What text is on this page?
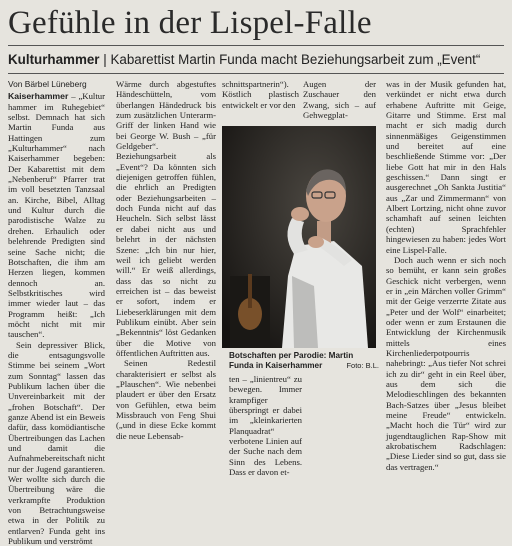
Gefühle in der Lispel-Falle
Kulturhammer | Kabarettist Martin Funda macht Beziehungsarbeit zum „Event“
Von Bärbel Lüneberg

Kaiserhammer – „Kultur hammer im Ruhegebiet“ selbst. Demnach hat sich Martin Funda aus Hattingen zum „Kulturhammer“ nach Kaiserhammer begeben: Der Kabarettist mit dem „Nebenberuf“ Pfarrer trat im voll besetzten Tanzsaal an. Kirche, Bibel, Alltag und Kultur durch die parodistische Walze zu drehen. Erhaulich oder belehrende Predigten sind seine Sache nicht; die Botschaften, die ihm am Herzen liegen, kommen dennoch an. Selbstkritisches wird immer wieder laut – das Programm heißt: „Ich möcht nicht mit mir tauschen“.

Sein depressiver Blick, die entsagungsvolle Stimme bei seinem „Wort zum Sonntag“ lassen das Publikum lachen über die Unvereinbarkeit mit der „frohen Botschaft“. Der ganze Abend ist ein Beweis dafür, dass komödiantische Übertreibungen das Lachen und damit die Aufnahmebereitschaft nicht nur der Jugend garantieren. Wer wollte sich durch die Übertreibung wäre die verkrampfte Produktion von Betrachtungsweise etwa in der Politik zu entlarven? Funda geht ins Publikum und verströmt

Wärme durch abgestuftes Händeschütteln, vom überlangen Händedruck bis zum zusätzlichen Unterarm-Griff der linken Hand wie bei George W. Bush – „für Geldgeber“. Beziehungsarbeit als „Event“? Da könnten sich diejenigen getroffen fühlen, die ehrlich an Predigten oder Beziehungsarbeiten – doch Funda nicht auf das Heucheln. Sich selbst lässt er dabei nicht aus und belehrt in der nächsten Szene: „Ich bin nur hier, weil ich geliebt werden will.“ Er weiß allerdings, dass das so nicht zu erreichen ist – das beweist er sofort, indem er Liebeserklärungen mit dem Publikum einübt. Aber sein „Bekenntnis“ löst Gedanken über die Motive von öffentlichen Auftritten aus.

Seinen Redestil charakterisiert er selbst als „Plauschen“. Wie nebenbei plaudert er über den Ersatz von Gefühlen, etwa beim Missbrauch von Feng Shui („und in diese Ecke kommt die neue Lebensab-

schnittspartnerin“). Köstlich plastisch entwickelt er vor den

Augen der Zuschauer den Zwang, sich – auf Gehwegplat-

Botschaften per Parodie: Martin Funda in Kaiserhammer	Foto: B.L.

ten – „linientreu“ zu bewegen. Immer krampfiger überspringt er dabei im „kleinkarierten Planquadrat“ verbotene Linien auf der Suche nach dem Sinn des Lebens. Dass er davon et-

was in der Musik gefunden hat, verkündet er nicht etwa durch erhabene Auftritte mit Geige, Gitarre und Stimme. Erst mal macht er sich madig durch sinnenmäßiges Geigenstimmen und bereitet auf eine beschließende Stimme vor: „Der liebe Gott hat mir in den Hals geschissen.“ Dann singt er ausgerechnet „Oh Sankta Justitia“ aus „Zar und Zimmermann“ von Albert Lortzing, nicht ohne zuvor schamhaft auf seinen leichten (echten) Sprachfehler hingewiesen zu haben: jedes Wort eine Lispel-Falle.

Doch auch wenn er sich noch so bemüht, er kann sein großes Geschick nicht verbergen, wenn er in „ein Märchen voller Grimm“ mit der Geige verzerrte Zitate aus „Peter und der Wolf“ einarbeitet; oder wenn er zum Erstaunen die Entwicklung der Kirchenmusik mittels eines Kirchenliederpotpourris nahebringt: „Aus tiefer Not schrei ich zu dir“ geht in ein Reel über, aus dem sich die Melodieschlingen des bekannten Bach-Satzes über „Jesus bleibet meine Freude“ entwickeln. „Macht hoch die Tür“ wird zur jugendtauglichen Rap-Show mit akrobatischem Radschlagen: „Diese Lieder sind so gut, dass sie das vertragen.“
